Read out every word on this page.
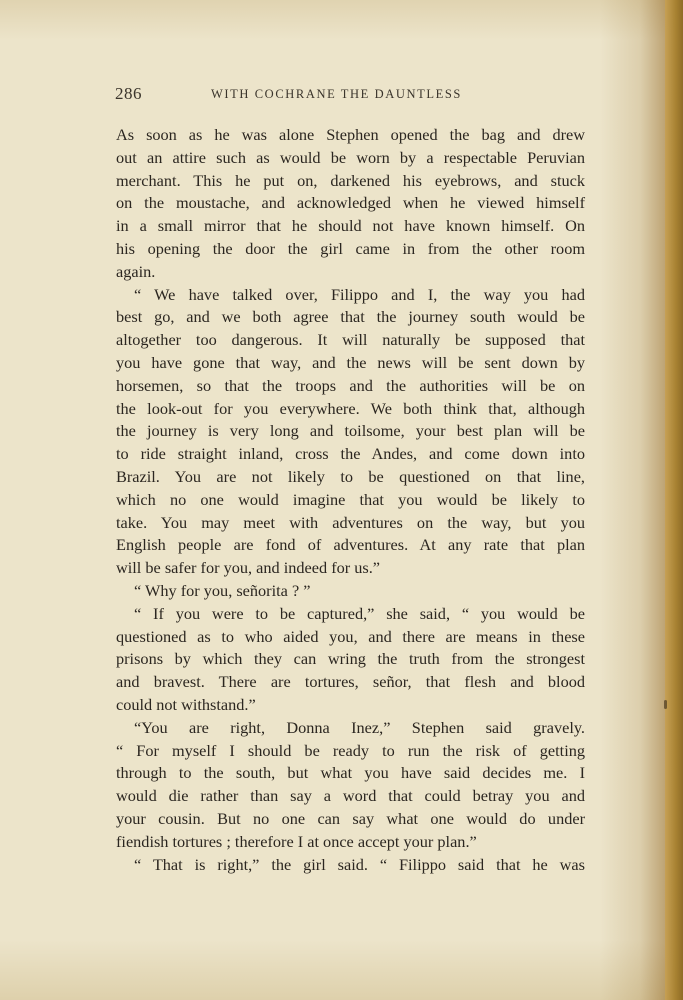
286	WITH COCHRANE THE DAUNTLESS
As soon as he was alone Stephen opened the bag and drew
out an attire such as would be worn by a respectable Peruvian
merchant. This he put on, darkened his eyebrows, and stuck
on the moustache, and acknowledged when he viewed himself
in a small mirror that he should not have known himself. On
his opening the door the girl came in from the other room
again.
“ We have talked over, Filippo and I, the way you had
best go, and we both agree that the journey south would be
altogether too dangerous. It will naturally be supposed that
you have gone that way, and the news will be sent down by
horsemen, so that the troops and the authorities will be on
the look-out for you everywhere. We both think that, although
the journey is very long and toilsome, your best plan will be
to ride straight inland, cross the Andes, and come down into
Brazil. You are not likely to be questioned on that line,
which no one would imagine that you would be likely to
take. You may meet with adventures on the way, but you
English people are fond of adventures. At any rate that plan
will be safer for you, and indeed for us.”
“ Why for you, señorita ? ”
“ If you were to be captured,” she said, “ you would be
questioned as to who aided you, and there are means in these
prisons by which they can wring the truth from the strongest
and bravest. There are tortures, señor, that flesh and blood
could not withstand.”
“You are right, Donna Inez,” Stephen said gravely.
“ For myself I should be ready to run the risk of getting
through to the south, but what you have said decides me. I
would die rather than say a word that could betray you and
your cousin. But no one can say what one would do under
fiendish tortures ; therefore I at once accept your plan.”
“ That is right,” the girl said. “ Filippo said that he was
